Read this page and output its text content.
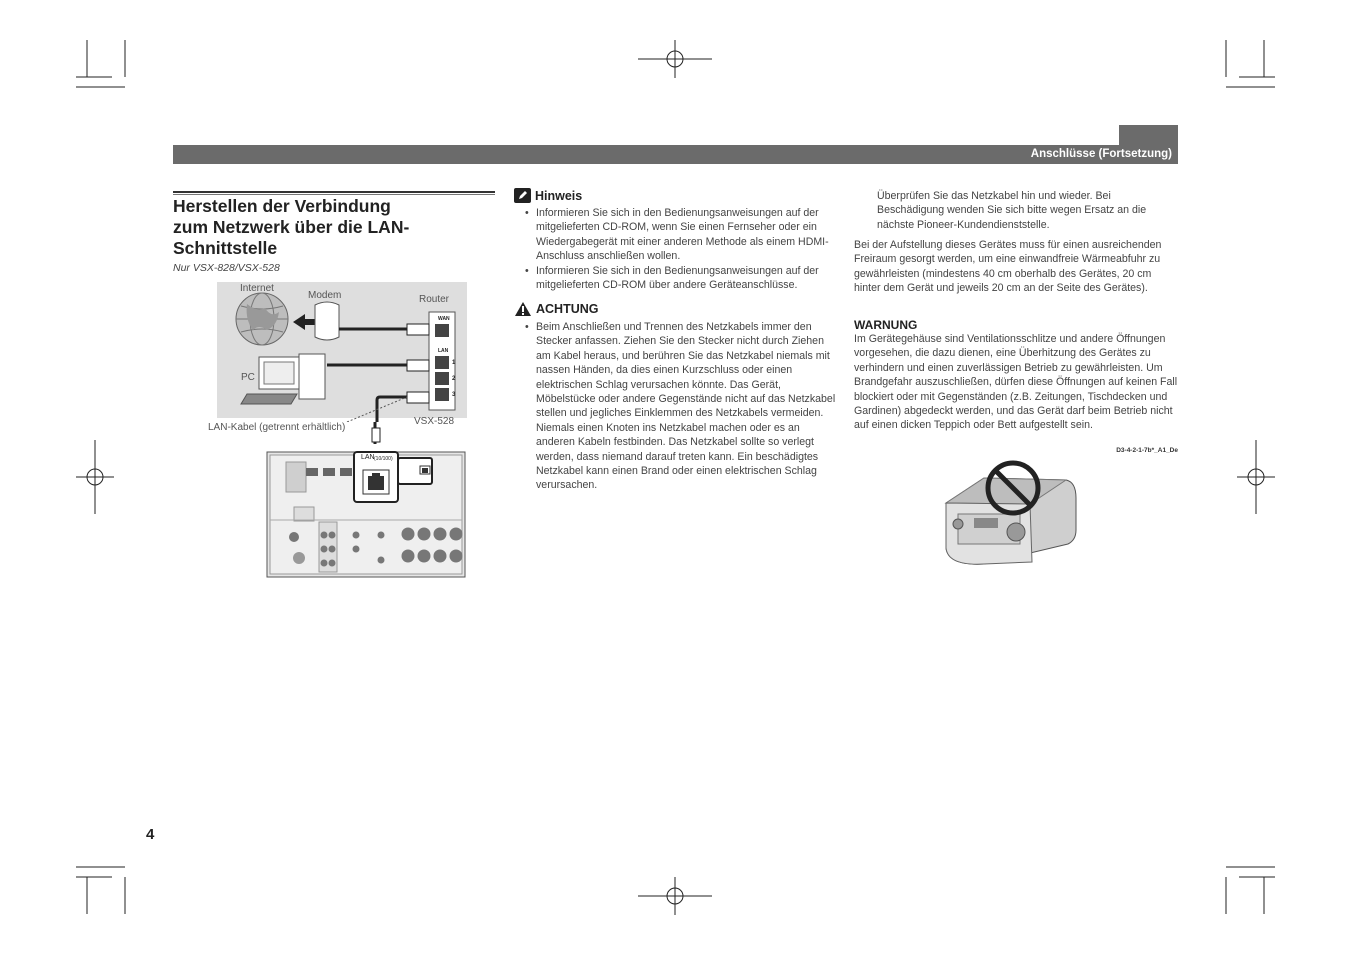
Anschlüsse (Fortsetzung)
Herstellen der Verbindung
zum Netzwerk über die LAN-
Schnittstelle
Nur VSX-828/VSX-528
Internet
Modem	Router
PC
WAN
LAN
1
2
3
LAN-Kabel (getrennt erhältlich)
VSX-528
LAN (10/100)
Hinweis
• Informieren Sie sich in den Bedienungsanweisungen auf der mitgelieferten CD-ROM, wenn Sie einen Fernseher oder ein Wiedergabegerät mit einer anderen Methode als einem HDMI-Anschluss anschließen wollen.
• Informieren Sie sich in den Bedienungsanweisungen auf der mitgelieferten CD-ROM über andere Geräteanschlüsse.
ACHTUNG
• Beim Anschließen und Trennen des Netzkabels immer den Stecker anfassen. Ziehen Sie den Stecker nicht durch Ziehen am Kabel heraus, und berühren Sie das Netzkabel niemals mit nassen Händen, da dies einen Kurzschluss oder einen elektrischen Schlag verursachen könnte. Das Gerät, Möbelstücke oder andere Gegenstände nicht auf das Netzkabel stellen und jegliches Einklemmen des Netzkabels vermeiden. Niemals einen Knoten ins Netzkabel machen oder es an anderen Kabeln festbinden. Das Netzkabel sollte so verlegt werden, dass niemand darauf treten kann. Ein beschädigtes Netzkabel kann einen Brand oder einen elektrischen Schlag verursachen.
Überprüfen Sie das Netzkabel hin und wieder. Bei Beschädigung wenden Sie sich bitte wegen Ersatz an die nächste Pioneer-Kundendienststelle.
Bei der Aufstellung dieses Gerätes muss für einen ausreichenden Freiraum gesorgt werden, um eine einwandfreie Wärmeabfuhr zu gewährleisten (mindestens 40 cm oberhalb des Gerätes, 20 cm hinter dem Gerät und jeweils 20 cm an der Seite des Gerätes).
WARNUNG
Im Gerätegehäuse sind Ventilationsschlitze und andere Öffnungen vorgesehen, die dazu dienen, eine Überhitzung des Gerätes zu verhindern und einen zuverlässigen Betrieb zu gewährleisten. Um Brandgefahr auszuschließen, dürfen diese Öffnungen auf keinen Fall blockiert oder mit Gegenständen (z.B. Zeitungen, Tischdecken und Gardinen) abgedeckt werden, und das Gerät darf beim Betrieb nicht auf einen dicken Teppich oder Bett aufgestellt sein.
D3-4-2-1-7b*_A1_De
4
